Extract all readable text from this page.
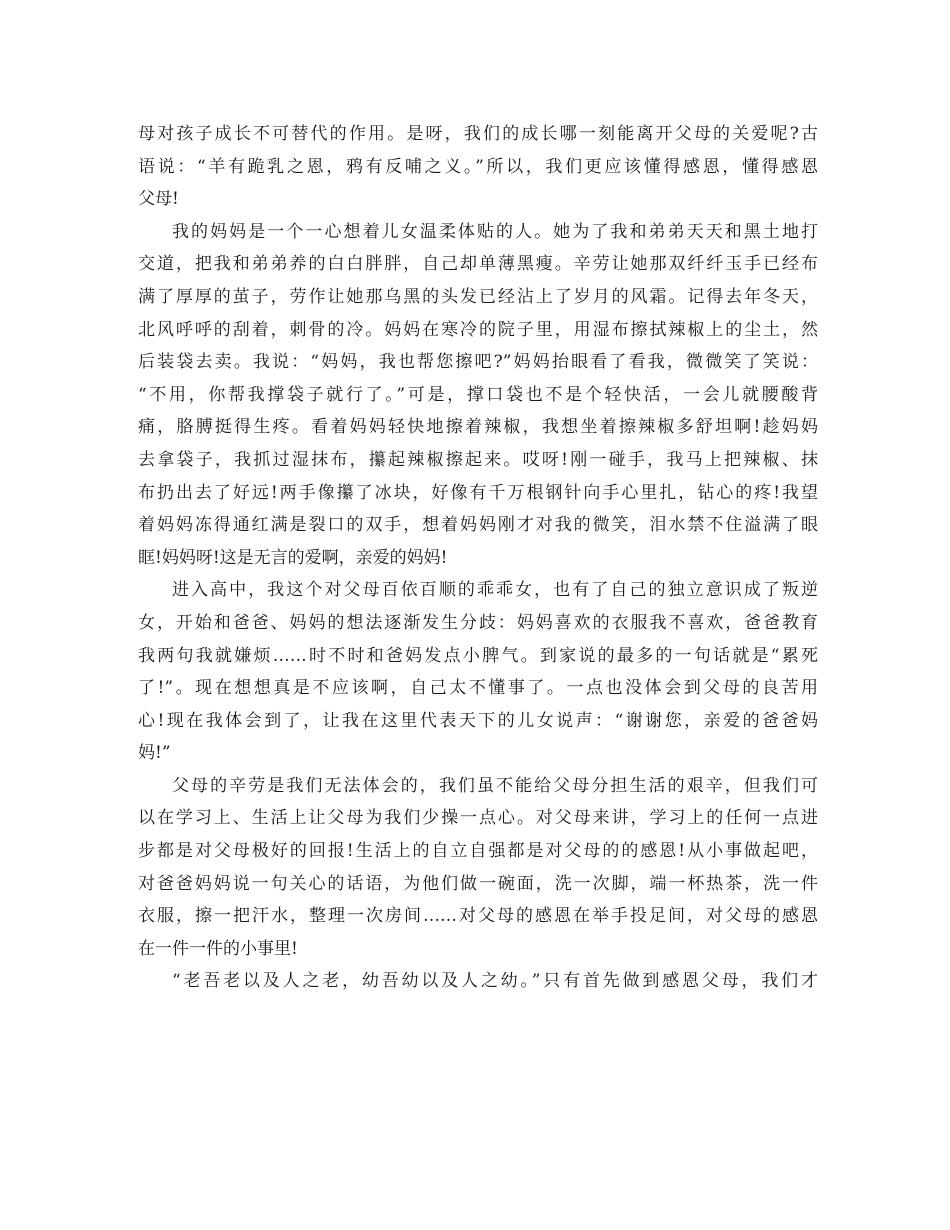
母对孩子成长不可替代的作用。是呀，我们的成长哪一刻能离开父母的关爱呢?古
语说：“羊有跪乳之恩，鸦有反哺之义。”所以，我们更应该懂得感恩，懂得感恩
父母!
我的妈妈是一个一心想着儿女温柔体贴的人。她为了我和弟弟天天和黑土地打
交道，把我和弟弟养的白白胖胖，自己却单薄黑瘦。辛劳让她那双纤纤玉手已经布
满了厚厚的茧子，劳作让她那乌黑的头发已经沾上了岁月的风霜。记得去年冬天，
北风呼呼的刮着，刺骨的冷。妈妈在寒冷的院子里，用湿布擦拭辣椒上的尘土，然
后装袋去卖。我说：“妈妈，我也帮您擦吧?”妈妈抬眼看了看我，微微笑了笑说：
“不用，你帮我撑袋子就行了。”可是，撑口袋也不是个轻快活，一会儿就腰酸背
痛，胳膊挺得生疼。看着妈妈轻快地擦着辣椒，我想坐着擦辣椒多舒坦啊!趁妈妈
去拿袋子，我抓过湿抹布，攥起辣椒擦起来。哎呀!刚一碰手，我马上把辣椒、抹
布扔出去了好远!两手像攥了冰块，好像有千万根钢针向手心里扎，钻心的疼!我望
着妈妈冻得通红满是裂口的双手，想着妈妈刚才对我的微笑，泪水禁不住溢满了眼
眶!妈妈呀!这是无言的爱啊，亲爱的妈妈!
进入高中，我这个对父母百依百顺的乖乖女，也有了自己的独立意识成了叛逆
女，开始和爸爸、妈妈的想法逐渐发生分歧：妈妈喜欢的衣服我不喜欢，爸爸教育
我两句我就嫌烦……时不时和爸妈发点小脾气。到家说的最多的一句话就是“累死
了!”。现在想想真是不应该啊，自己太不懂事了。一点也没体会到父母的良苦用
心!现在我体会到了，让我在这里代表天下的儿女说声：“谢谢您，亲爱的爸爸妈
妈!”
父母的辛劳是我们无法体会的，我们虽不能给父母分担生活的艰辛，但我们可
以在学习上、生活上让父母为我们少操一点心。对父母来讲，学习上的任何一点进
步都是对父母极好的回报!生活上的自立自强都是对父母的的感恩!从小事做起吧，
对爸爸妈妈说一句关心的话语，为他们做一碗面，洗一次脚，端一杯热茶，洗一件
衣服，擦一把汗水，整理一次房间……对父母的感恩在举手投足间，对父母的感恩
在一件一件的小事里!
“老吾老以及人之老，幼吾幼以及人之幼。”只有首先做到感恩父母，我们才
